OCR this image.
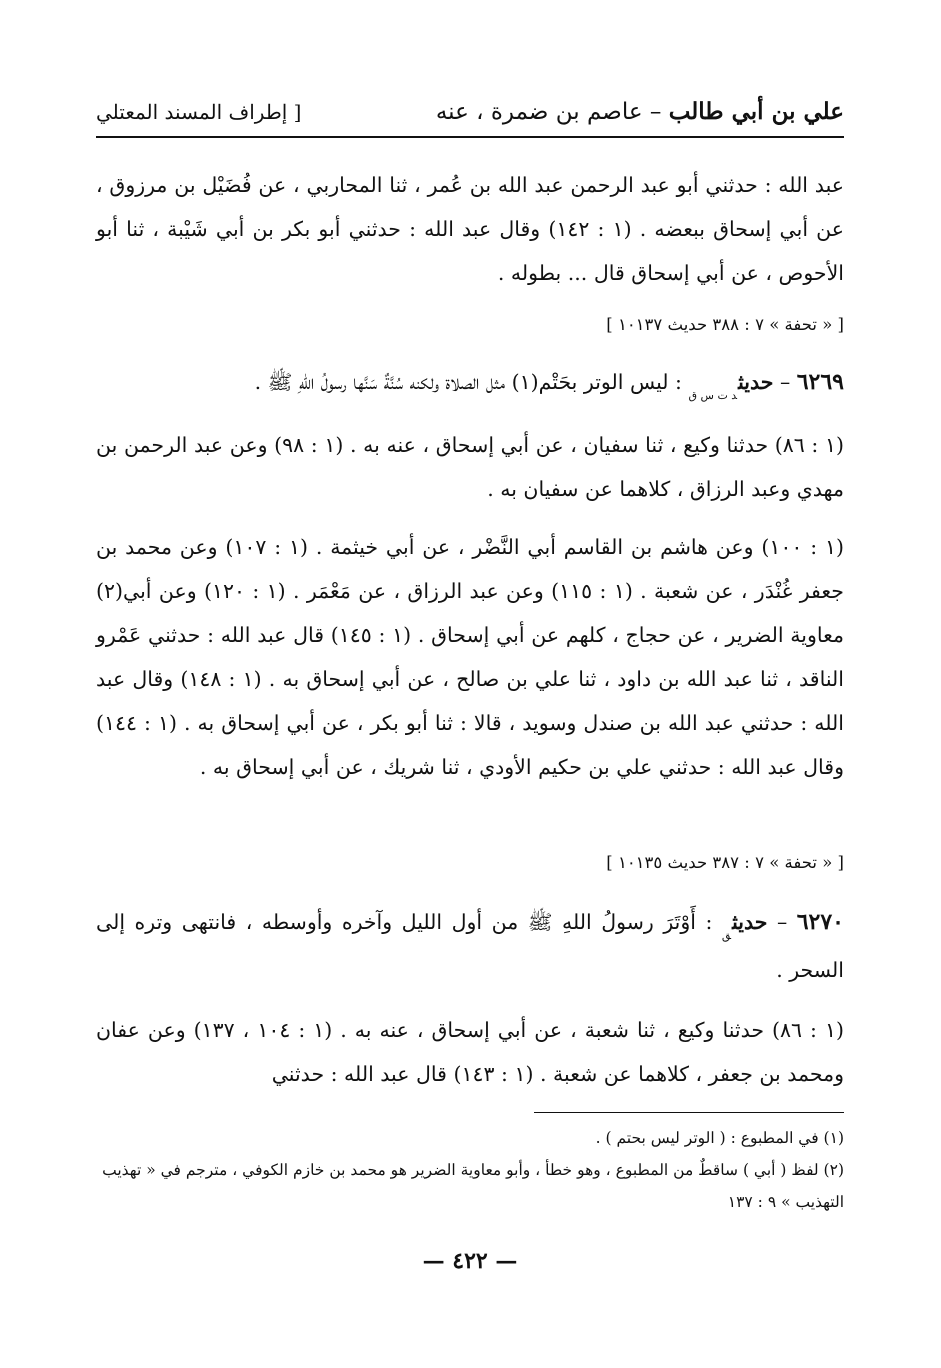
علي بن أبي طالب – عاصم بن ضمرة ، عنه
[ إطراف المسند المعتلي
عبد الله : حدثني أبو عبد الرحمن عبد الله بن عُمر ، ثنا المحاربي ، عن فُضَيْل بن مرزوق ، عن أبي إسحاق ببعضه . (١ : ١٤٢) وقال عبد الله : حدثني أبو بكر بن أبي شَيْبة ، ثنا أبو الأحوص ، عن أبي إسحاق قال ... بطوله .
[ « تحفة » ٧ : ٣٨٨ حديث ١٠١٣٧ ]
٦٢٦٩ – حديث$_{د ت س ق}$ : ليس الوتر بحَتْم(١) مثل الصلاة ولكنه سُنَّةٌ سَنَّها رسولُ اللهِ ﷺ .
(١ : ٨٦) حدثنا وكيع ، ثنا سفيان ، عن أبي إسحاق ، عنه به . (١ : ٩٨) وعن عبد الرحمن بن مهدي وعبد الرزاق ، كلاهما عن سفيان به .
(١ : ١٠٠) وعن هاشم بن القاسم أبي النَّضْر ، عن أبي خيثمة . (١ : ١٠٧) وعن محمد بن جعفر غُنْدَر ، عن شعبة . (١ : ١١٥) وعن عبد الرزاق ، عن مَعْمَر . (١ : ١٢٠) وعن أبي(٢) معاوية الضرير ، عن حجاج ، كلهم عن أبي إسحاق . (١ : ١٤٥) قال عبد الله : حدثني عَمْرو الناقد ، ثنا عبد الله بن داود ، ثنا علي بن صالح ، عن أبي إسحاق به . (١ : ١٤٨) وقال عبد الله : حدثني عبد الله بن صندل وسويد ، قالا : ثنا أبو بكر ، عن أبي إسحاق به . (١ : ١٤٤) وقال عبد الله : حدثني علي بن حكيم الأودي ، ثنا شريك ، عن أبي إسحاق به .
[ « تحفة » ٧ : ٣٨٧ حديث ١٠١٣٥ ]
٦٢٧٠ – حديث$_ق$ : أَوْتَرَ رسولُ اللهِ ﷺ من أول الليل وآخره وأوسطه ، فانتهى وتره إلى السحر .
(١ : ٨٦) حدثنا وكيع ، ثنا شعبة ، عن أبي إسحاق ، عنه به . (١ : ١٠٤ ، ١٣٧) وعن عفان ومحمد بن جعفر ، كلاهما عن شعبة . (١ : ١٤٣) قال عبد الله : حدثني
(١) في المطبوع : ( الوتر ليس بحتم ) .
(٢) لفظ ( أبي ) ساقطٌ من المطبوع ، وهو خطأ ، وأبو معاوية الضرير هو محمد بن خازم الكوفي ، مترجم في « تهذيب التهذيب » ٩ : ١٣٧
— ٤٢٢ —
